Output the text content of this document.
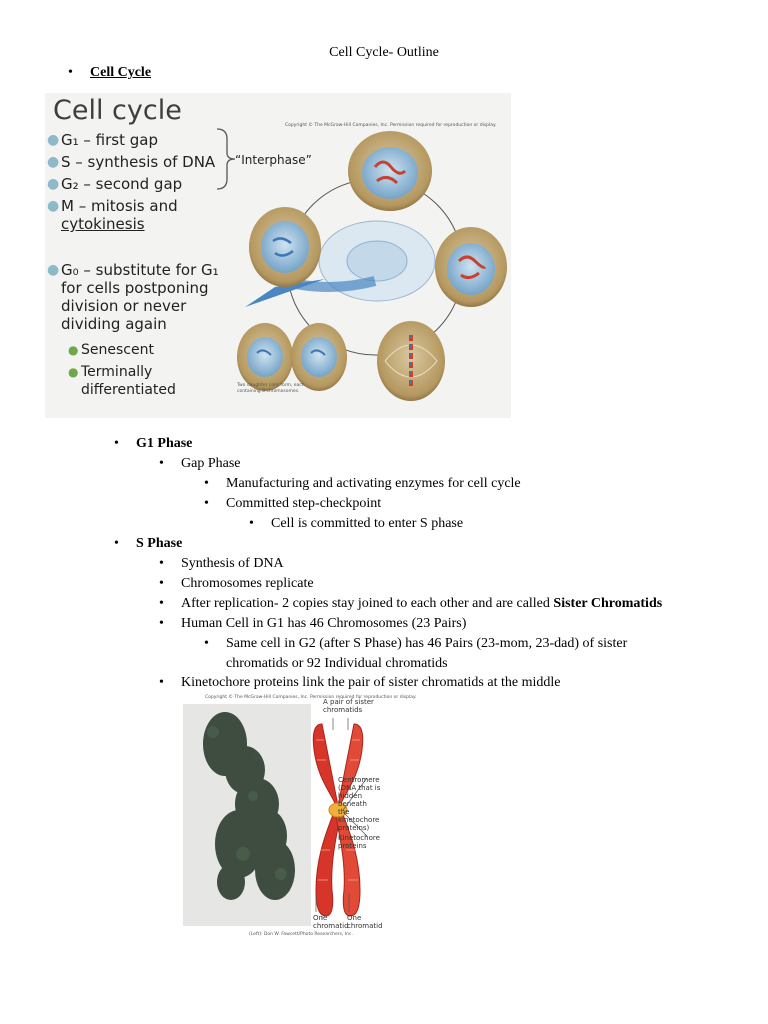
Cell Cycle- Outline
• Cell Cycle
Cell cycle
● G₁ – first gap
● S – synthesis of DNA
● G₂ – second gap
● M – mitosis and
cytokinesis
● G₀ – substitute for G₁
for cells postponing
division or never
dividing again
● Senescent
● Terminally
differentiated
“Interphase”
Copyright © The McGraw-Hill Companies, Inc. Permission required for reproduction or display.
Two daughter cells form, each
containing 8 chromosomes.
• G1 Phase
• Gap Phase
• Manufacturing and activating enzymes for cell cycle
• Committed step-checkpoint
• Cell is committed to enter S phase
• S Phase
• Synthesis of DNA
• Chromosomes replicate
• After replication- 2 copies stay joined to each other and are called Sister Chromatids
• Human Cell in G1 has 46 Chromosomes (23 Pairs)
• Same cell in G2 (after S Phase) has 46 Pairs (23-mom, 23-dad) of sister
chromatids or 92 Individual chromatids
• Kinetochore proteins link the pair of sister chromatids at the middle
Copyright © The McGraw-Hill Companies, Inc. Permission required for reproduction or display.
A pair of sister
chromatids
Centromere
(DNA that is
hidden beneath
the kinetochore
proteins)
Kinetochore
proteins
One
chromatid
One
chromatid
(Left): Don W. Fawcett/Photo Researchers, Inc.
